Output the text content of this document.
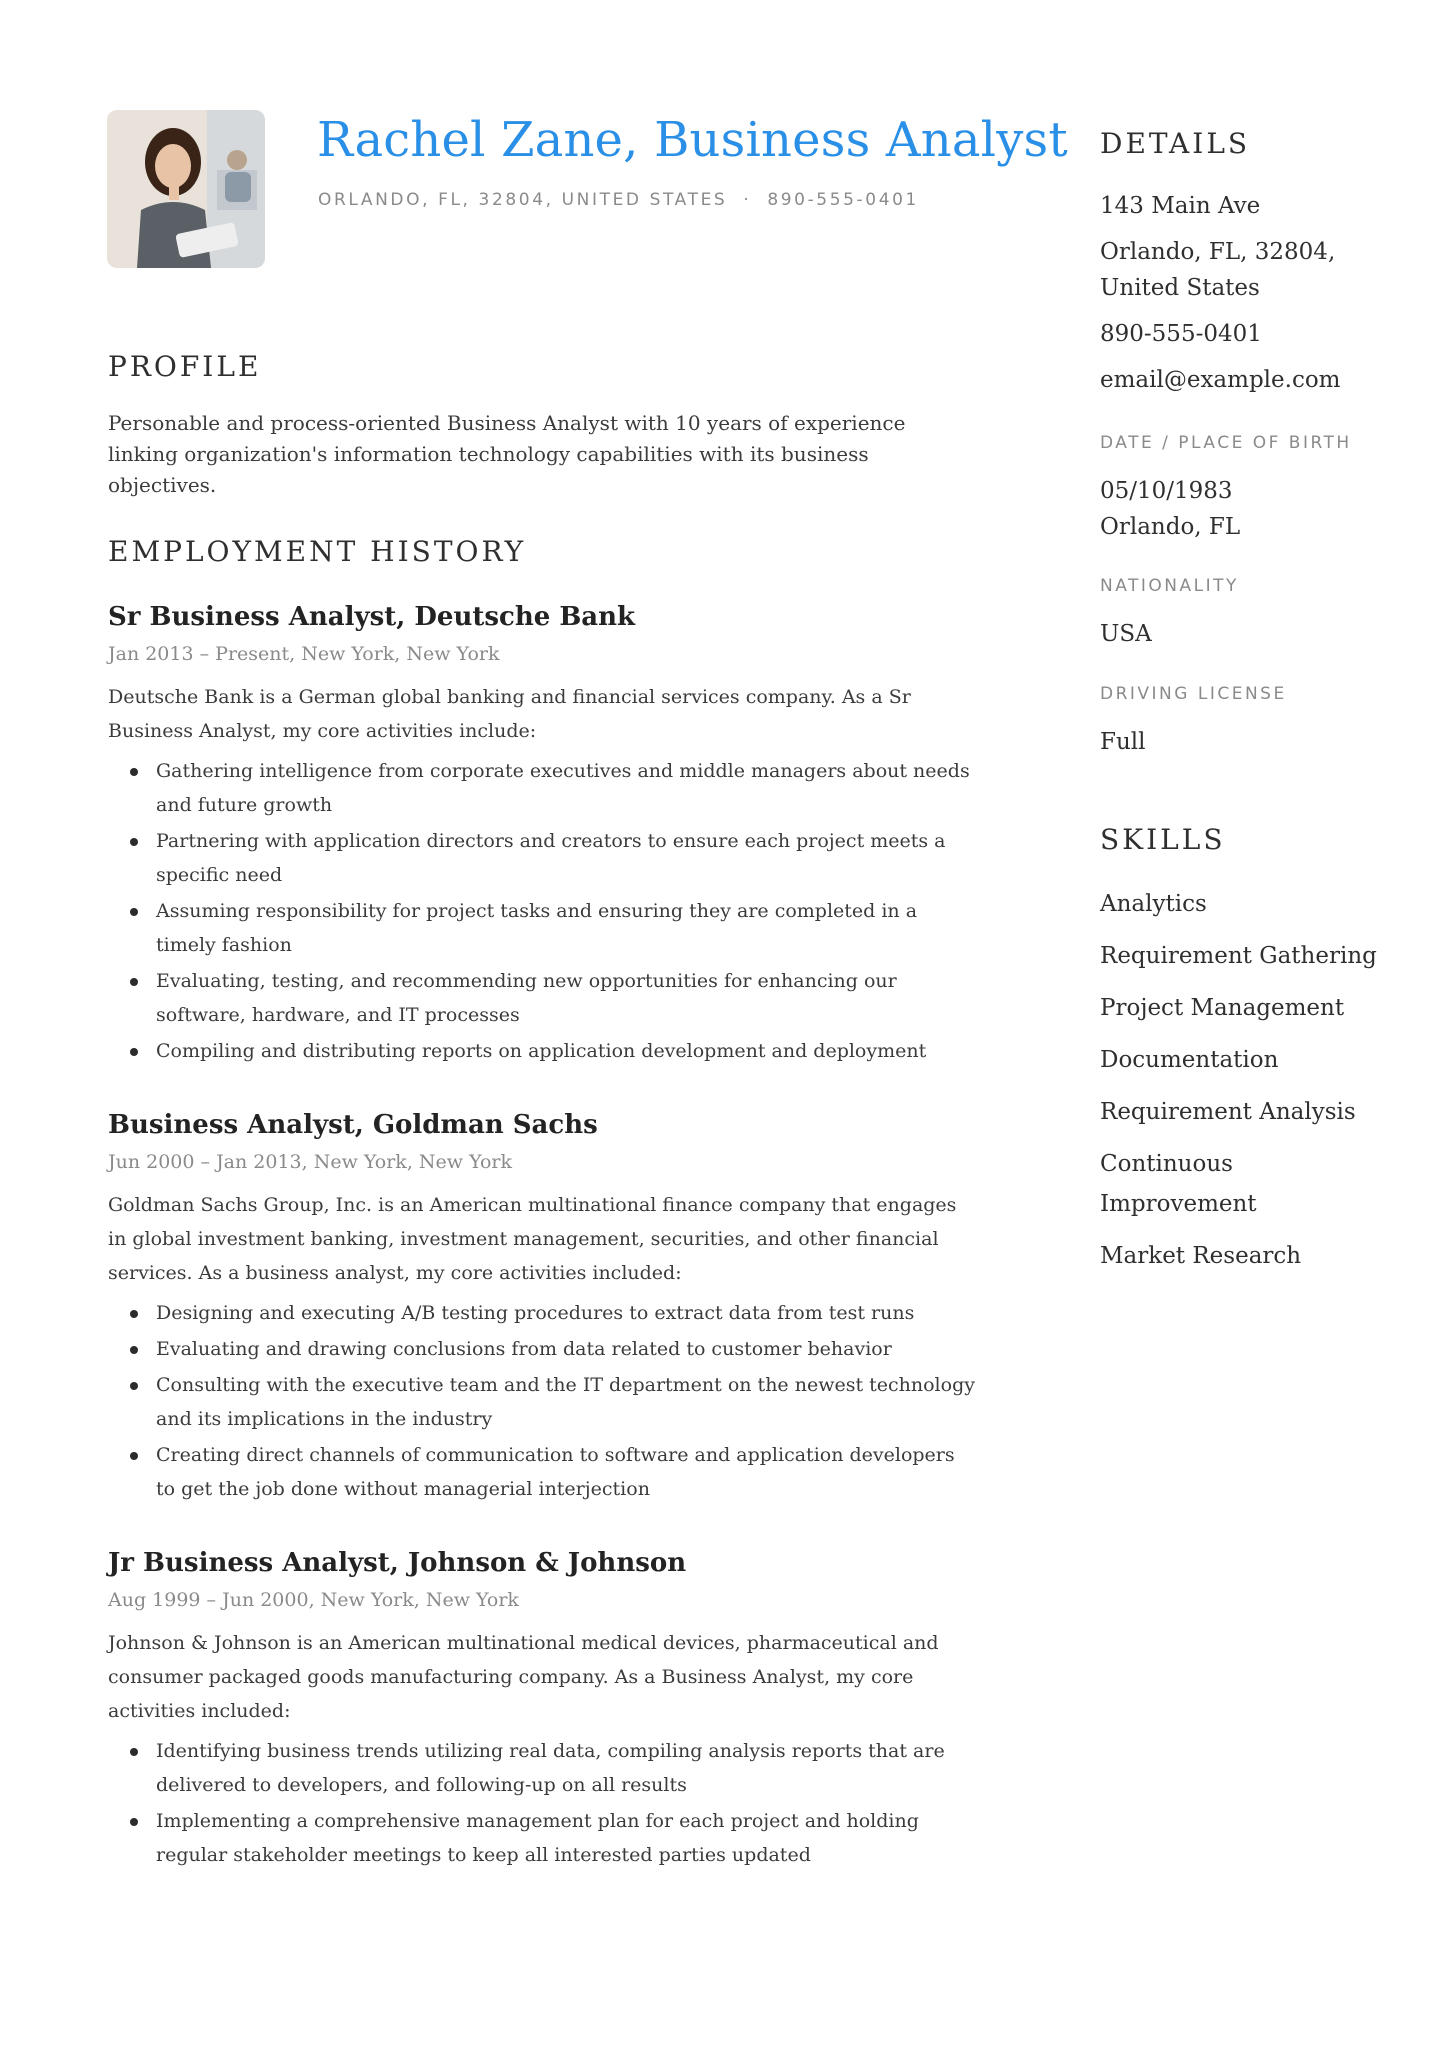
Rachel Zane, Business Analyst
ORLANDO, FL, 32804, UNITED STATES · 890-555-0401
PROFILE
Personable and process-oriented Business Analyst with 10 years of experience linking organization's information technology capabilities with its business objectives.
EMPLOYMENT HISTORY
Sr Business Analyst, Deutsche Bank
Jan 2013 – Present, New York, New York
Deutsche Bank is a German global banking and financial services company. As a Sr Business Analyst, my core activities include:
Gathering intelligence from corporate executives and middle managers about needs and future growth
Partnering with application directors and creators to ensure each project meets a specific need
Assuming responsibility for project tasks and ensuring they are completed in a timely fashion
Evaluating, testing, and recommending new opportunities for enhancing our software, hardware, and IT processes
Compiling and distributing reports on application development and deployment
Business Analyst, Goldman Sachs
Jun 2000 – Jan 2013, New York, New York
Goldman Sachs Group, Inc. is an American multinational finance company that engages in global investment banking, investment management, securities, and other financial services. As a business analyst, my core activities included:
Designing and executing A/B testing procedures to extract data from test runs
Evaluating and drawing conclusions from data related to customer behavior
Consulting with the executive team and the IT department on the newest technology and its implications in the industry
Creating direct channels of communication to software and application developers to get the job done without managerial interjection
Jr Business Analyst, Johnson & Johnson
Aug 1999 – Jun 2000, New York, New York
Johnson & Johnson is an American multinational medical devices, pharmaceutical and consumer packaged goods manufacturing company. As a Business Analyst, my core activities included:
Identifying business trends utilizing real data, compiling analysis reports that are delivered to developers, and following-up on all results
Implementing a comprehensive management plan for each project and holding regular stakeholder meetings to keep all interested parties updated
DETAILS
143 Main Ave
Orlando, FL, 32804,
United States
890-555-0401
email@example.com
DATE / PLACE OF BIRTH
05/10/1983
Orlando, FL
NATIONALITY
USA
DRIVING LICENSE
Full
SKILLS
Analytics
Requirement Gathering
Project Management
Documentation
Requirement Analysis
Continuous Improvement
Market Research
